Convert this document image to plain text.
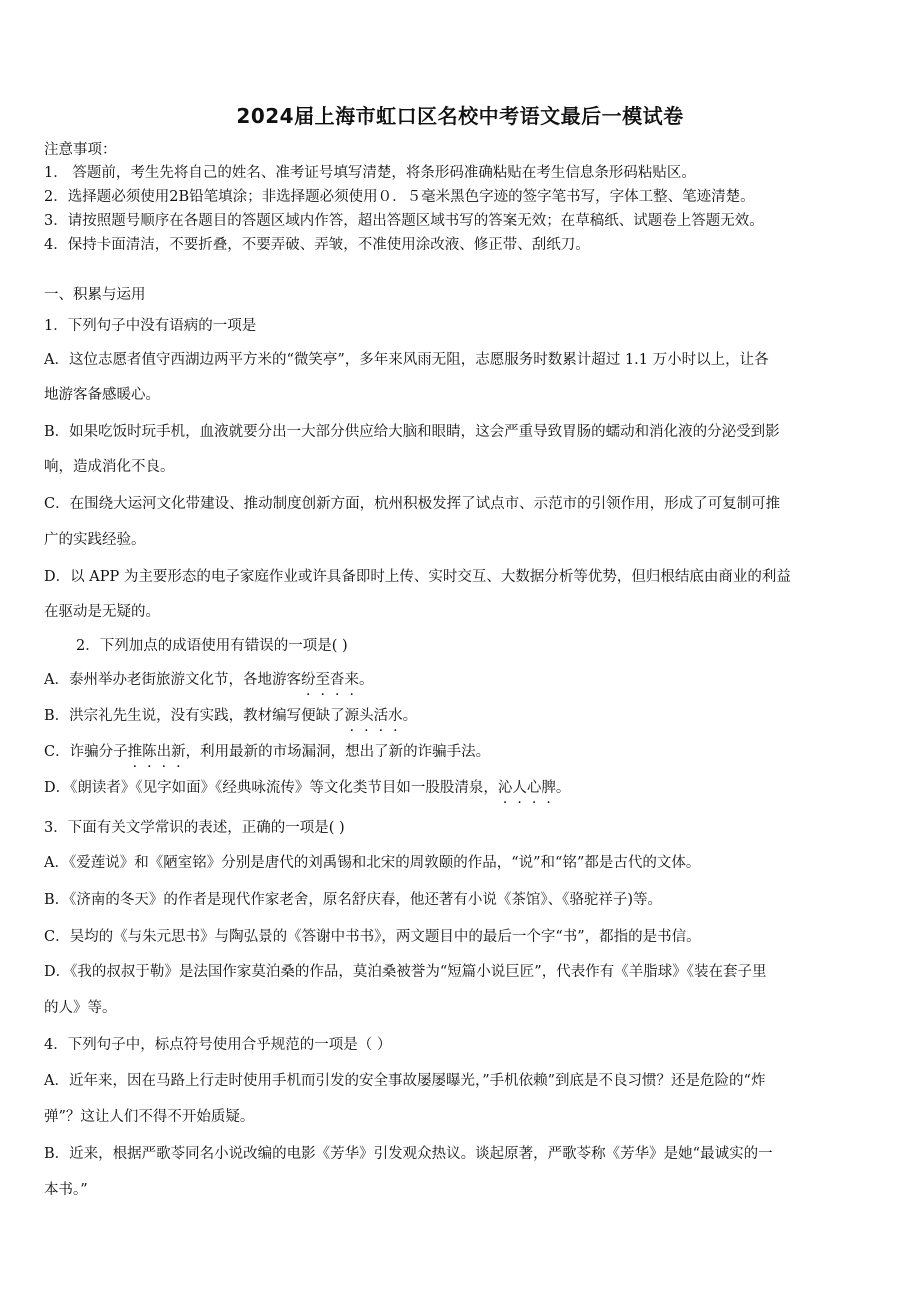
2024届上海市虹口区名校中考语文最后一模试卷
注意事项：
1． 答题前，考生先将自己的姓名、准考证号填写清楚，将条形码准确粘贴在考生信息条形码粘贴区。
2．选择题必须使用2B铅笔填涂；非选择题必须使用０．５毫米黑色字迹的签字笔书写，字体工整、笔迹清楚。
3．请按照题号顺序在各题目的答题区域内作答，超出答题区域书写的答案无效；在草稿纸、试题卷上答题无效。
4．保持卡面清洁，不要折叠，不要弄破、弄皱，不准使用涂改液、修正带、刮纸刀。
一、积累与运用
1．下列句子中没有语病的一项是
A．这位志愿者值守西湖边两平方米的“微笑亭”，多年来风雨无阻，志愿服务时数累计超过 1.1 万小时以上，让各
地游客备感暖心。
B．如果吃饭时玩手机，血液就要分出一大部分供应给大脑和眼睛，这会严重导致胃肠的蠕动和消化液的分泌受到影
响，造成消化不良。
C．在围绕大运河文化带建设、推动制度创新方面，杭州积极发挥了试点市、示范市的引领作用，形成了可复制可推
广的实践经验。
D．以 APP 为主要形态的电子家庭作业或许具备即时上传、实时交互、大数据分析等优势，但归根结底由商业的利益
在驱动是无疑的。
2．下列加点的成语使用有错误的一项是( )
A．泰州举办老街旅游文化节，各地游客纷至沓来。
B．洪宗礼先生说，没有实践，教材编写便缺了源头活水。
C．诈骗分子推陈出新，利用最新的市场漏洞，想出了新的诈骗手法。
D．《朗读者》《见字如面》《经典咏流传》等文化类节目如一股股清泉，沁人心脾。
3．下面有关文学常识的表述，正确的一项是( )
A．《爱莲说》和《陋室铭》分别是唐代的刘禹锡和北宋的周敦颐的作品，“说”和“铭”都是古代的文体。
B．《济南的冬天》的作者是现代作家老舍，原名舒庆春，他还著有小说《茶馆》、《骆驼祥子)等。
C．吴均的《与朱元思书》与陶弘景的《答谢中书书》，两文题目中的最后一个字“书”，都指的是书信。
D．《我的叔叔于勒》是法国作家莫泊桑的作品，莫泊桑被誉为“短篇小说巨匠”，代表作有《羊脂球》《装在套子里
的人》等。
4．下列句子中，标点符号使用合乎规范的一项是（ ）
A．近年来，因在马路上行走时使用手机而引发的安全事故屡屡曝光，”手机依赖”到底是不良习惯？还是危险的“炸
弹”？这让人们不得不开始质疑。
B．近来，根据严歌苓同名小说改编的电影《芳华》引发观众热议。谈起原著，严歌苓称《芳华》是她“最诚实的一
本书。”
